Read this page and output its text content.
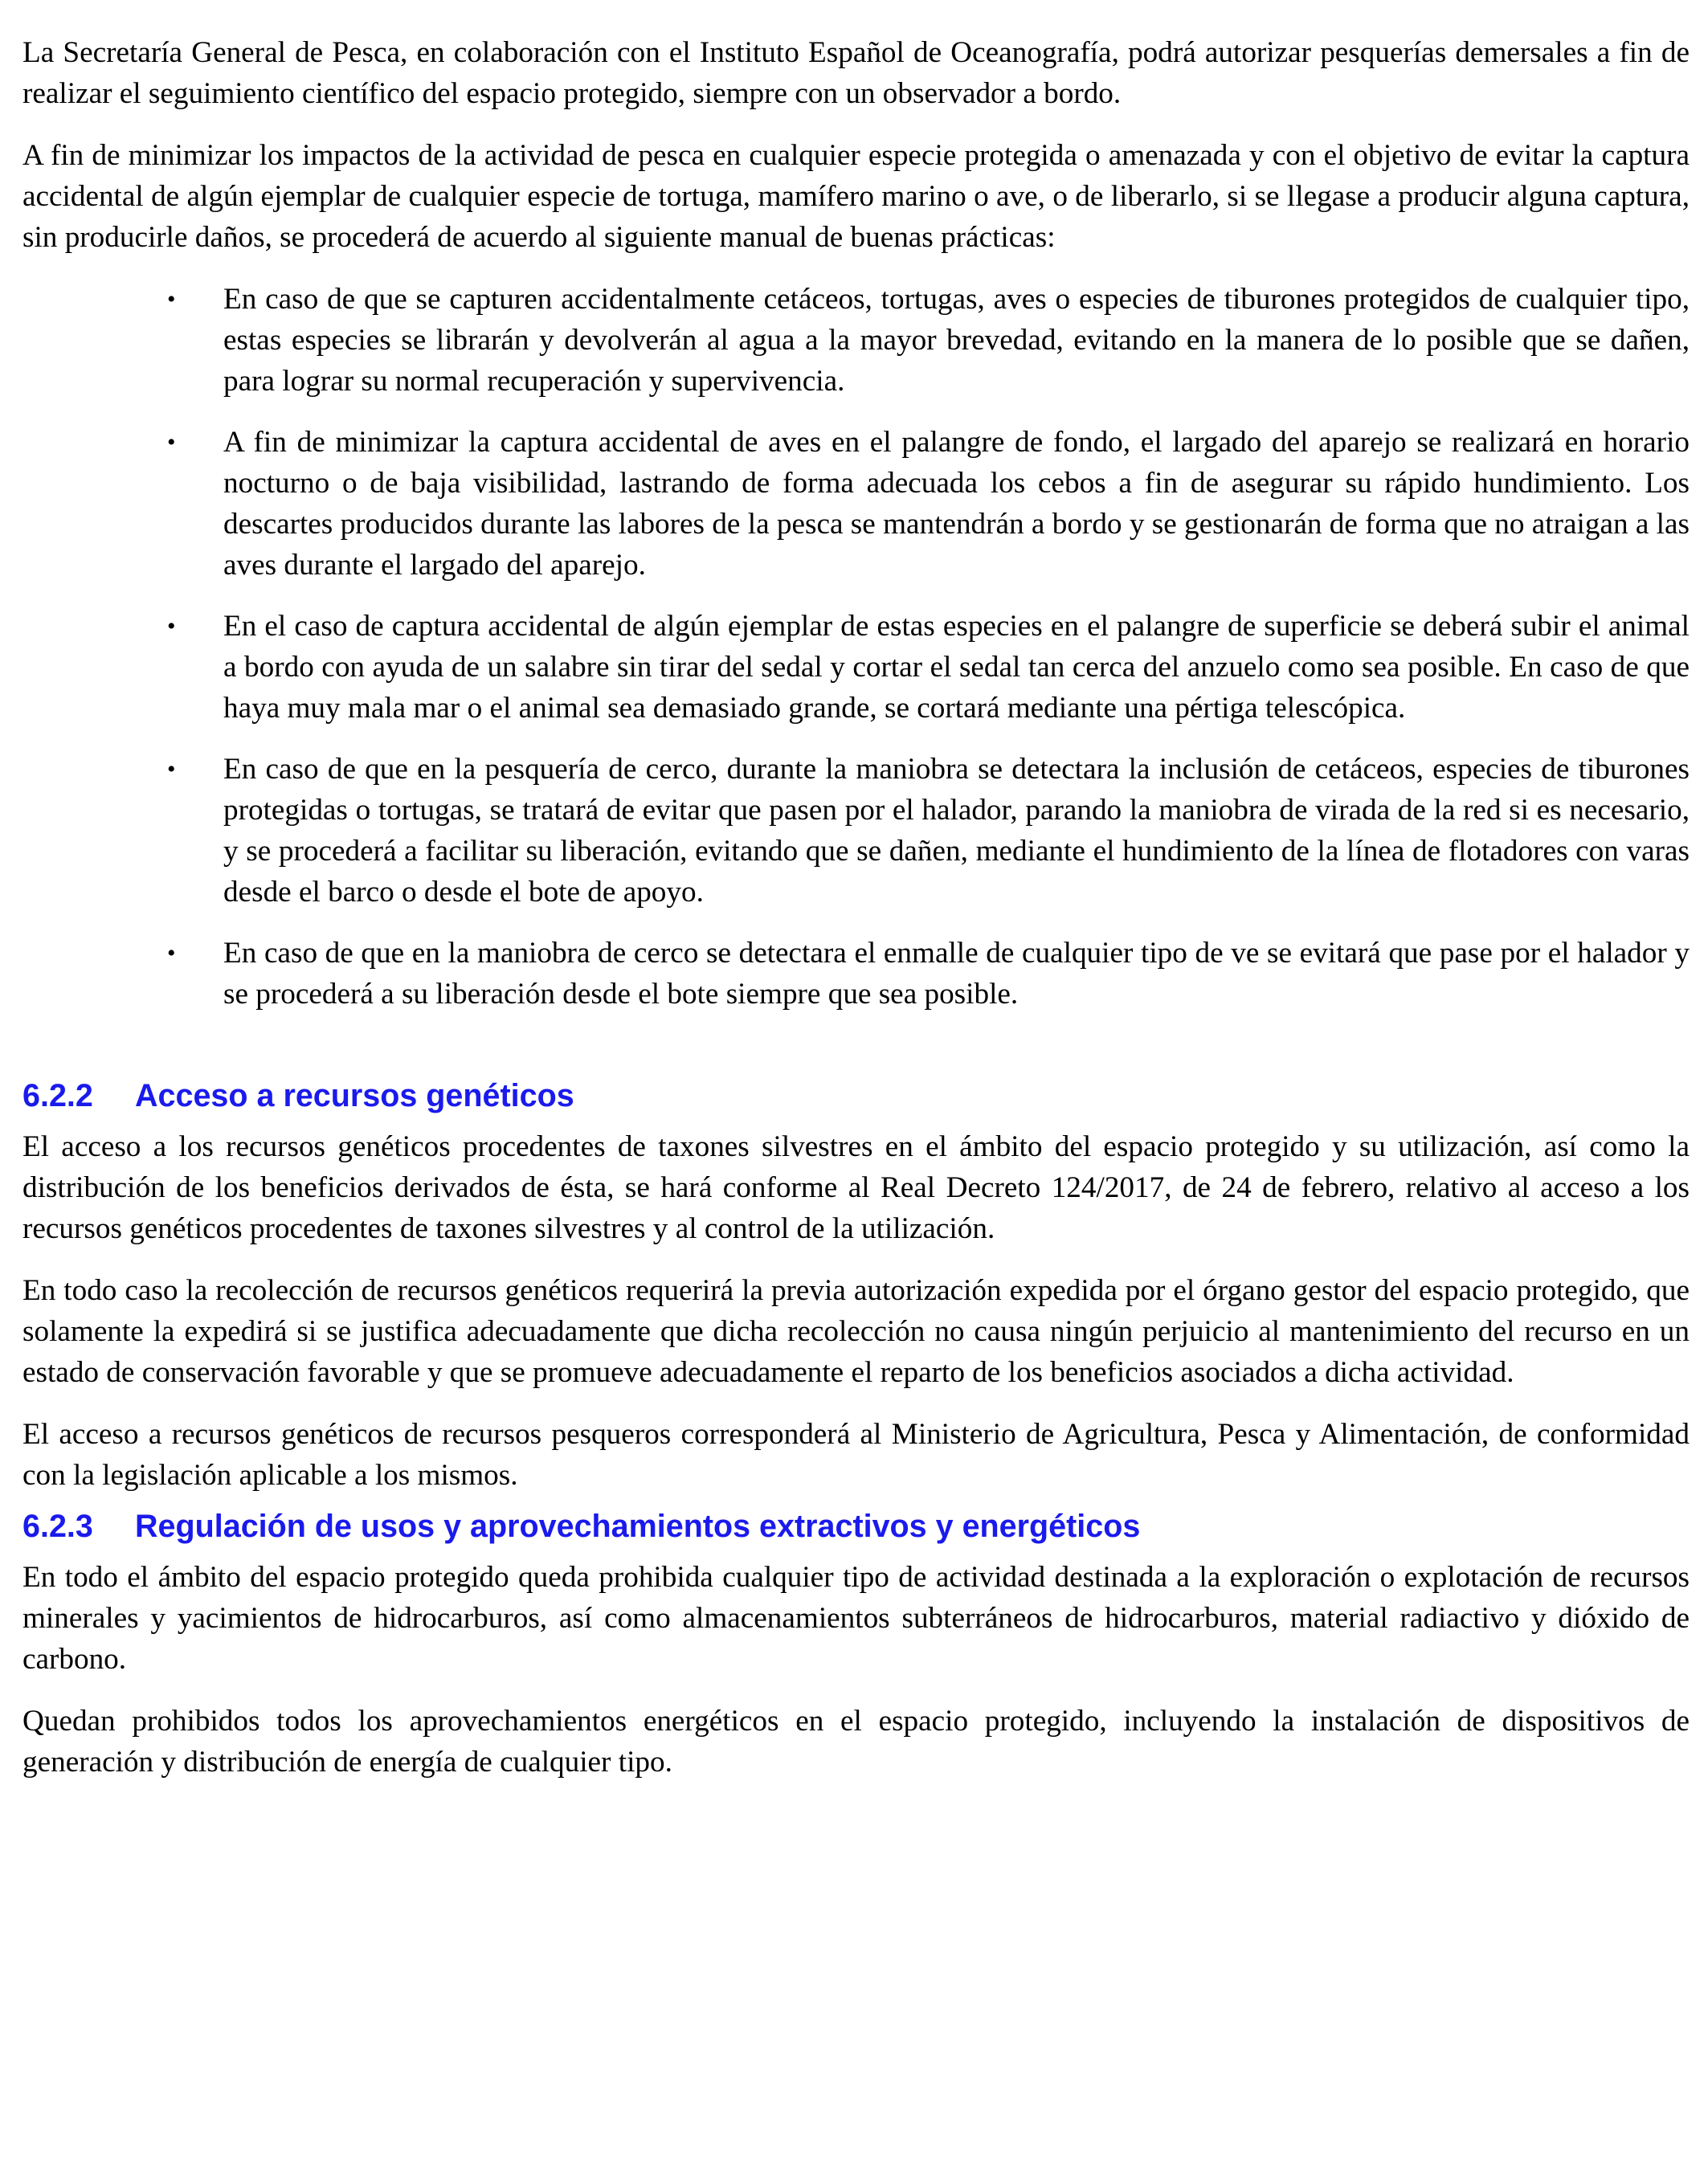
La Secretaría General de Pesca, en colaboración con el Instituto Español de Oceanografía, podrá autorizar pesquerías demersales a fin de realizar el seguimiento científico del espacio protegido, siempre con un observador a bordo.

A fin de minimizar los impactos de la actividad de pesca en cualquier especie protegida o amenazada y con el objetivo de evitar la captura accidental de algún ejemplar de cualquier especie de tortuga, mamífero marino o ave, o de liberarlo, si se llegase a producir alguna captura, sin producirle daños, se procederá de acuerdo al siguiente manual de buenas prácticas:

• En caso de que se capturen accidentalmente cetáceos, tortugas, aves o especies de tiburones protegidos de cualquier tipo, estas especies se librarán y devolverán al agua a la mayor brevedad, evitando en la manera de lo posible que se dañen, para lograr su normal recuperación y supervivencia.
• A fin de minimizar la captura accidental de aves en el palangre de fondo, el largado del aparejo se realizará en horario nocturno o de baja visibilidad, lastrando de forma adecuada los cebos a fin de asegurar su rápido hundimiento. Los descartes producidos durante las labores de la pesca se mantendrán a bordo y se gestionarán de forma que no atraigan a las aves durante el largado del aparejo.
• En el caso de captura accidental de algún ejemplar de estas especies en el palangre de superficie se deberá subir el animal a bordo con ayuda de un salabre sin tirar del sedal y cortar el sedal tan cerca del anzuelo como sea posible. En caso de que haya muy mala mar o el animal sea demasiado grande, se cortará mediante una pértiga telescópica.
• En caso de que en la pesquería de cerco, durante la maniobra se detectara la inclusión de cetáceos, especies de tiburones protegidas o tortugas, se tratará de evitar que pasen por el halador, parando la maniobra de virada de la red si es necesario, y se procederá a facilitar su liberación, evitando que se dañen, mediante el hundimiento de la línea de flotadores con varas desde el barco o desde el bote de apoyo.
• En caso de que en la maniobra de cerco se detectara el enmalle de cualquier tipo de ve se evitará que pase por el halador y se procederá a su liberación desde el bote siempre que sea posible.
6.2.2 Acceso a recursos genéticos

El acceso a los recursos genéticos procedentes de taxones silvestres en el ámbito del espacio protegido y su utilización, así como la distribución de los beneficios derivados de ésta, se hará conforme al Real Decreto 124/2017, de 24 de febrero, relativo al acceso a los recursos genéticos procedentes de taxones silvestres y al control de la utilización.

En todo caso la recolección de recursos genéticos requerirá la previa autorización expedida por el órgano gestor del espacio protegido, que solamente la expedirá si se justifica adecuadamente que dicha recolección no causa ningún perjuicio al mantenimiento del recurso en un estado de conservación favorable y que se promueve adecuadamente el reparto de los beneficios asociados a dicha actividad.

El acceso a recursos genéticos de recursos pesqueros corresponderá al Ministerio de Agricultura, Pesca y Alimentación, de conformidad con la legislación aplicable a los mismos.

6.2.3 Regulación de usos y aprovechamientos extractivos y energéticos

En todo el ámbito del espacio protegido queda prohibida cualquier tipo de actividad destinada a la exploración o explotación de recursos minerales y yacimientos de hidrocarburos, así como almacenamientos subterráneos de hidrocarburos, material radiactivo y dióxido de carbono.

Quedan prohibidos todos los aprovechamientos energéticos en el espacio protegido, incluyendo la instalación de dispositivos de generación y distribución de energía de cualquier tipo.
